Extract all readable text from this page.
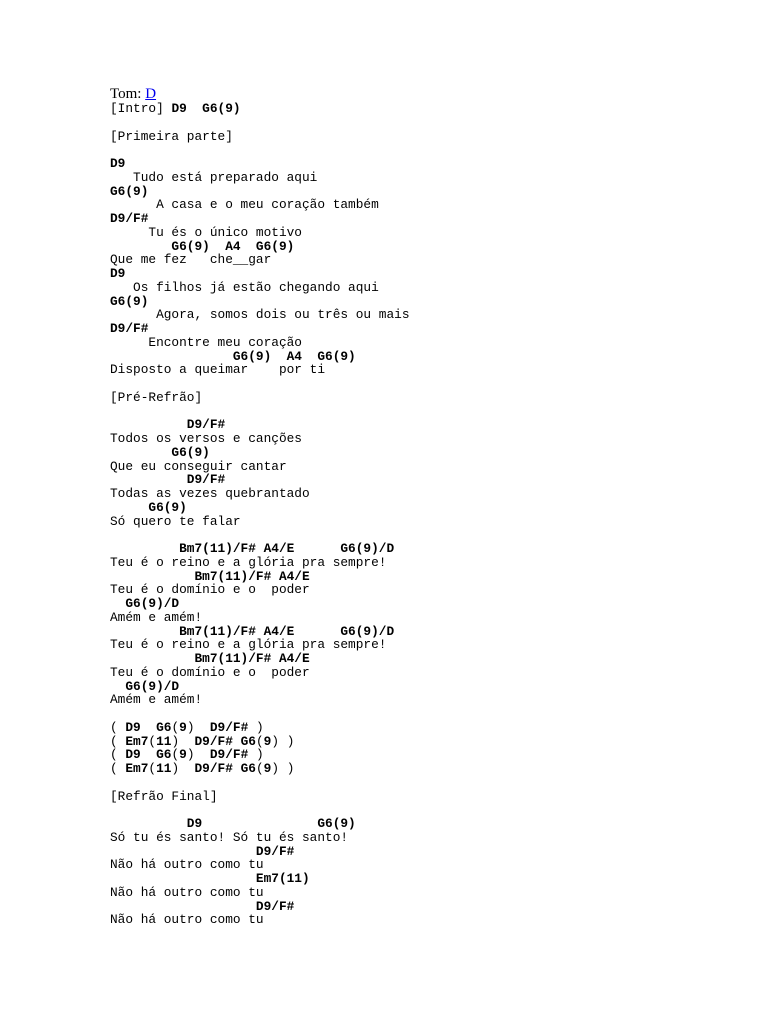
Tom: D
[Intro] D9  G6(9)
[Primeira parte]
D9
Tudo está preparado aqui
G6(9)
A casa e o meu coração também
D9/F#
Tu és o único motivo
G6(9)  A4  G6(9)
Que me fez   che__gar
D9
Os filhos já estão chegando aqui
G6(9)
Agora, somos dois ou três ou mais
D9/F#
Encontre meu coração
G6(9)  A4  G6(9)
Disposto a queimar    por ti
[Pré-Refrão]
D9/F#
Todos os versos e canções
G6(9)
Que eu conseguir cantar
D9/F#
Todas as vezes quebrantado
G6(9)
Só quero te falar
Bm7(11)/F# A4/E      G6(9)/D
Teu é o reino e a glória pra sempre!
Bm7(11)/F# A4/E
Teu é o domínio e o  poder
G6(9)/D
Amém e amém!
Bm7(11)/F# A4/E      G6(9)/D
Teu é o reino e a glória pra sempre!
Bm7(11)/F# A4/E
Teu é o domínio e o  poder
G6(9)/D
Amém e amém!
( D9  G6(9)  D9/F# )
( Em7(11)  D9/F# G6(9) )
( D9  G6(9)  D9/F# )
( Em7(11)  D9/F# G6(9) )
[Refrão Final]
D9               G6(9)
Só tu és santo! Só tu és santo!
D9/F#
Não há outro como tu
Em7(11)
Não há outro como tu
D9/F#
Não há outro como tu
